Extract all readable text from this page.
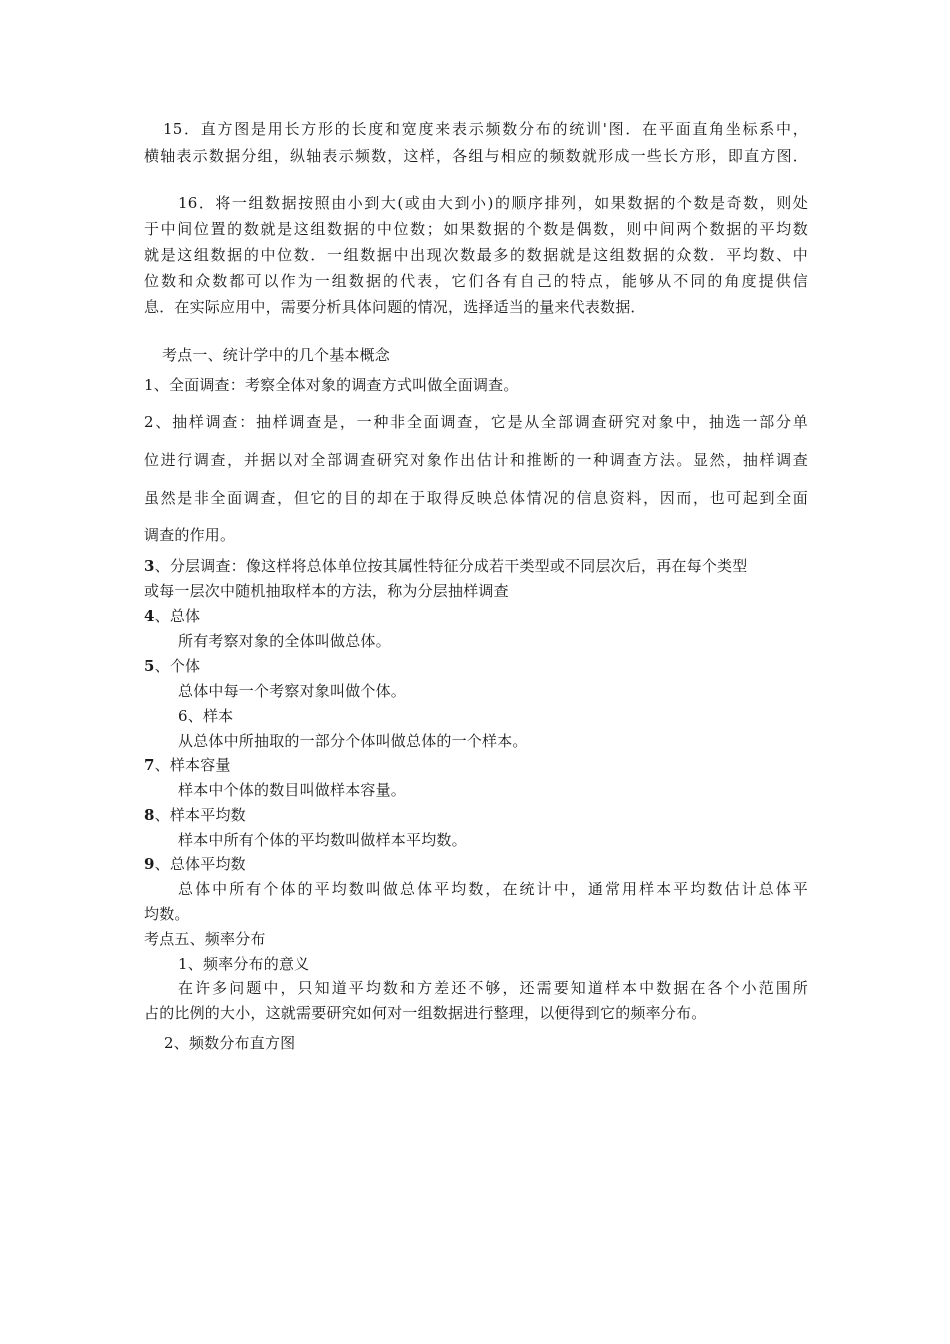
15．直方图是用长方形的长度和宽度来表示频数分布的统训'图．在平面直角坐标系中，
横轴表示数据分组，纵轴表示频数，这样，各组与相应的频数就形成一些长方形，即直方图．
16．将一组数据按照由小到大(或由大到小)的顺序排列，如果数据的个数是奇数，则处
于中间位置的数就是这组数据的中位数；如果数据的个数是偶数，则中间两个数据的平均数
就是这组数据的中位数．一组数据中出现次数最多的数据就是这组数据的众数．平均数、中
位数和众数都可以作为一组数据的代表，它们各有自己的特点，能够从不同的角度提供信
息．在实际应用中，需要分析具体问题的情况，选择适当的量来代表数据．
考点一、统计学中的几个基本概念
1、全面调查：考察全体对象的调查方式叫做全面调查。
2、抽样调查：抽样调查是，一种非全面调查，它是从全部调查研究对象中，抽选一部分单
位进行调查，并据以对全部调查研究对象作出估计和推断的一种调查方法。显然，抽样调查
虽然是非全面调查，但它的目的却在于取得反映总体情况的信息资料，因而，也可起到全面
调查的作用。
3、分层调查：像这样将总体单位按其属性特征分成若干类型或不同层次后，再在每个类型
或每一层次中随机抽取样本的方法，称为分层抽样调查
4、总体
所有考察对象的全体叫做总体。
5、个体
总体中每一个考察对象叫做个体。
6、样本
从总体中所抽取的一部分个体叫做总体的一个样本。
7、样本容量
样本中个体的数目叫做样本容量。
8、样本平均数
样本中所有个体的平均数叫做样本平均数。
9、总体平均数
总体中所有个体的平均数叫做总体平均数，在统计中，通常用样本平均数估计总体平
均数。
考点五、频率分布
1、频率分布的意义
在许多问题中，只知道平均数和方差还不够，还需要知道样本中数据在各个小范围所
占的比例的大小，这就需要研究如何对一组数据进行整理，以便得到它的频率分布。
2、频数分布直方图
